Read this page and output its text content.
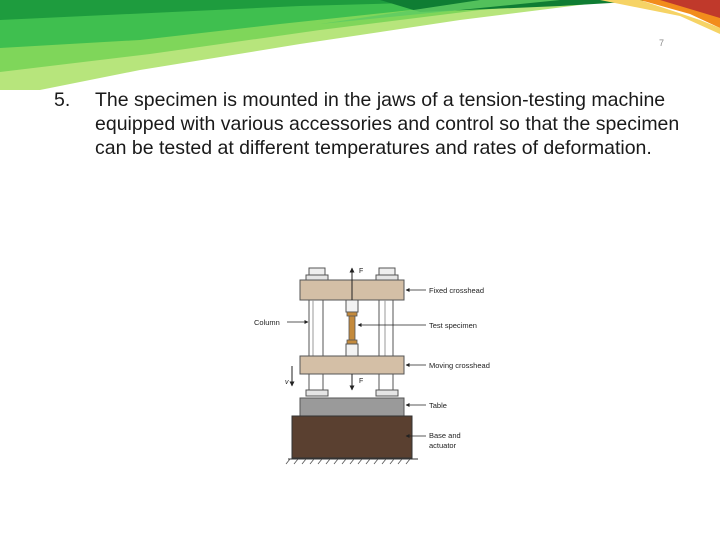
7
5.	The specimen is mounted in the jaws of a tension-testing machine equipped with various accessories and control so that the specimen can be tested at different temperatures and rates of deformation.
F
F
v
Column
Fixed crosshead
Test specimen
Moving crosshead
Table
Base and
actuator
